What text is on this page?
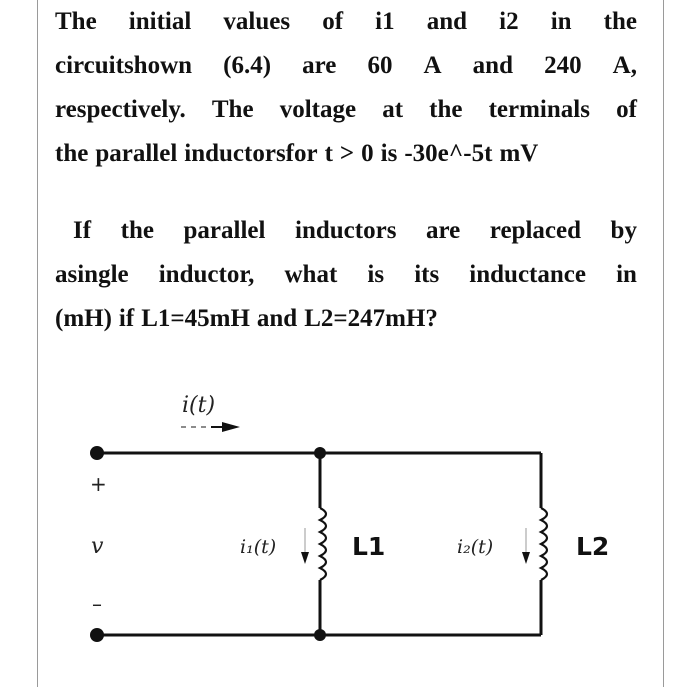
The initial values of i1 and i2 in the
circuitshown (6.4) are 60 A and 240 A,
respectively. The voltage at the terminals of
the parallel inductorsfor t > 0 is -30e^-5t mV
If the parallel inductors are replaced by
asingle inductor, what is its inductance in
(mH) if L1=45mH and L2=247mH?
i(t)
+
v
–
i₁(t)	L1	i₂(t)	L2
